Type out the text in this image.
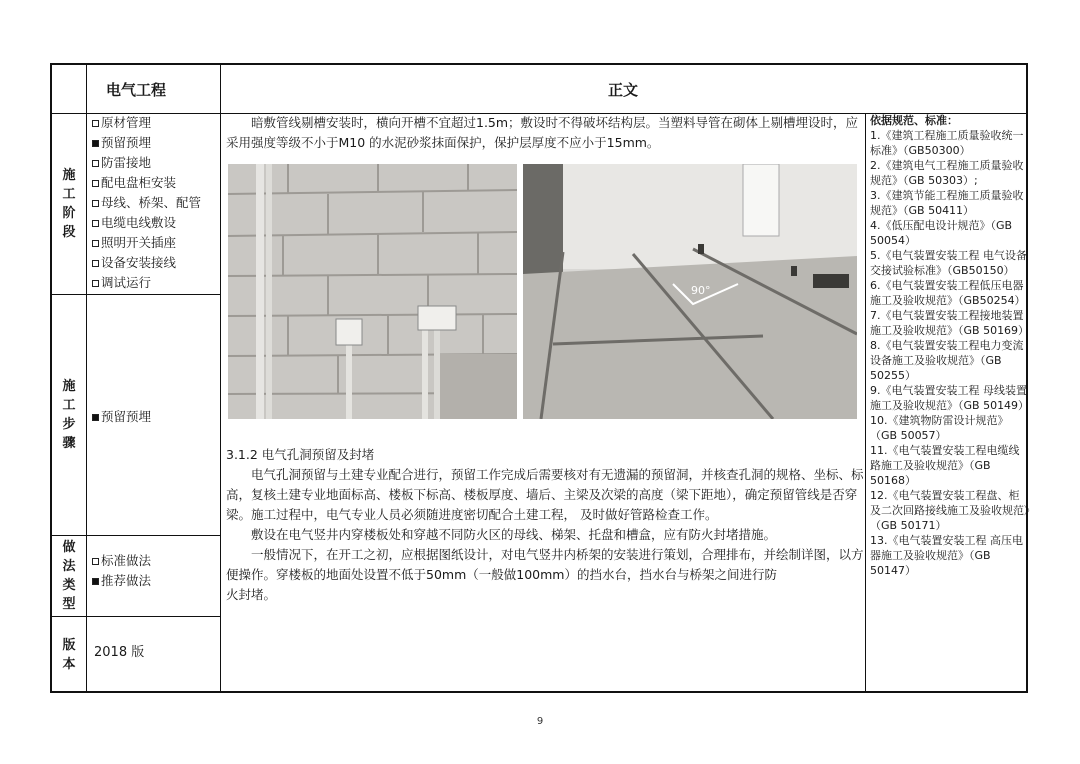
电气工程	正文
施
工
阶
段
原材管理
预留预埋
防雷接地
配电盘柜安装
母线、桥架、配管
电缆电线敷设
照明开关插座
设备安装接线
调试运行
施
工
步
骤
预留预埋
做
法
类
型
标准做法
推荐做法
版
本
2018 版

暗敷管线剔槽安装时，横向开槽不宜超过1.5m；敷设时不得破坏结构层。当塑料导管在砌体上剔槽埋设时，应采用强度等级不小于M10 的水泥砂浆抹面保护，保护层厚度不应小于15mm。

90°

3.1.2 电气孔洞预留及封堵

电气孔洞预留与土建专业配合进行，预留工作完成后需要核对有无遗漏的预留洞，并核查孔洞的规格、坐标、标高，复核土建专业地面标高、楼板下标高、楼板厚度、墙后、主梁及次梁的高度（梁下距地），确定预留管线是否穿梁。施工过程中，电气专业人员必须随进度密切配合土建工程， 及时做好管路检查工作。

敷设在电气竖井内穿楼板处和穿越不同防火区的母线、梯架、托盘和槽盒，应有防火封堵措施。

一般情况下，在开工之初，应根据图纸设计，对电气竖井内桥架的安装进行策划，合理排布，并绘制详图，以方便操作。穿楼板的地面处设置不低于50mm（一般做100mm）的挡水台，挡水台与桥架之间进行防

火封堵。

依据规范、标准：

1.《建筑工程施工质量验收统一标准》（GB50300）

2.《建筑电气工程施工质量验收规范》（GB 50303）;

3.《建筑节能工程施工质量验收规范》（GB 50411）

4.《低压配电设计规范》（GB 50054）

5.《电气装置安装工程 电气设备交接试验标准》（GB50150）

6.《电气装置安装工程低压电器施工及验收规范》（GB50254）

7.《电气装置安装工程接地装置施工及验收规范》（GB 50169）

8.《电气装置安装工程电力变流设备施工及验收规范》（GB 50255）

9.《电气装置安装工程 母线装置施工及验收规范》（GB 50149）

10.《建筑物防雷设计规范》（GB 50057）

11.《电气装置安装工程电缆线路施工及验收规范》（GB 50168）

12.《电气装置安装工程盘、柜及二次回路接线施工及验收规范》（GB 50171）

13.《电气装置安装工程 高压电器施工及验收规范》（GB 50147）

9
